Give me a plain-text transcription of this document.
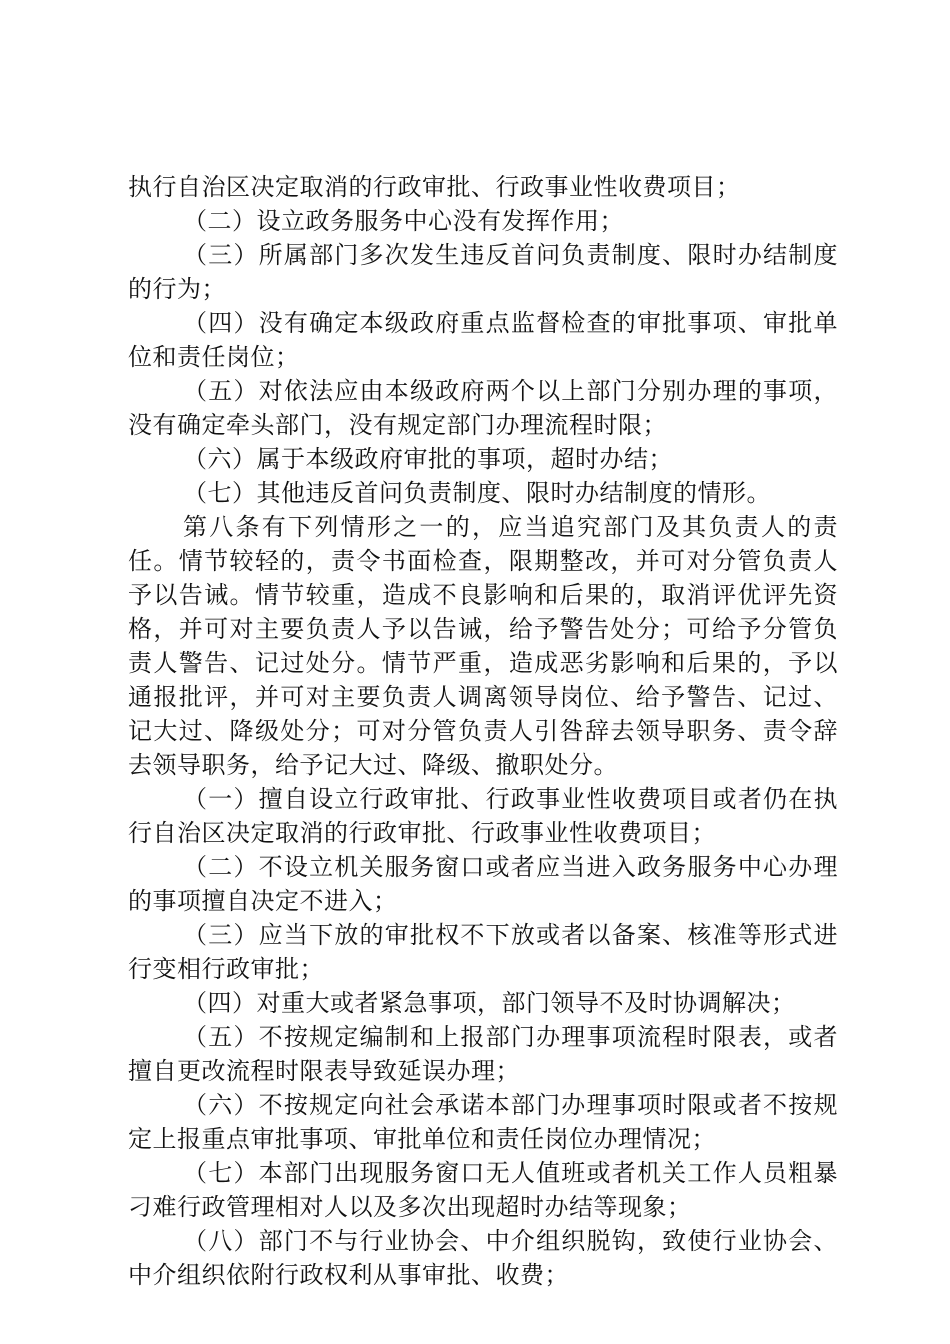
执行自治区决定取消的行政审批、行政事业性收费项目；

（二）设立政务服务中心没有发挥作用；

（三）所属部门多次发生违反首问负责制度、限时办结制度的行为；

（四）没有确定本级政府重点监督检查的审批事项、审批单位和责任岗位；

（五）对依法应由本级政府两个以上部门分别办理的事项，没有确定牵头部门，没有规定部门办理流程时限；

（六）属于本级政府审批的事项，超时办结；

（七）其他违反首问负责制度、限时办结制度的情形。

第八条有下列情形之一的，应当追究部门及其负责人的责任。情节较轻的，责令书面检查，限期整改，并可对分管负责人予以告诫。情节较重，造成不良影响和后果的，取消评优评先资格，并可对主要负责人予以告诫，给予警告处分；可给予分管负责人警告、记过处分。情节严重，造成恶劣影响和后果的，予以通报批评，并可对主要负责人调离领导岗位、给予警告、记过、记大过、降级处分；可对分管负责人引咎辞去领导职务、责令辞去领导职务，给予记大过、降级、撤职处分。

（一）擅自设立行政审批、行政事业性收费项目或者仍在执行自治区决定取消的行政审批、行政事业性收费项目；

（二）不设立机关服务窗口或者应当进入政务服务中心办理的事项擅自决定不进入；

（三）应当下放的审批权不下放或者以备案、核准等形式进行变相行政审批；

（四）对重大或者紧急事项，部门领导不及时协调解决；

（五）不按规定编制和上报部门办理事项流程时限表，或者擅自更改流程时限表导致延误办理；

（六）不按规定向社会承诺本部门办理事项时限或者不按规定上报重点审批事项、审批单位和责任岗位办理情况；

（七）本部门出现服务窗口无人值班或者机关工作人员粗暴刁难行政管理相对人以及多次出现超时办结等现象；

（八）部门不与行业协会、中介组织脱钩，致使行业协会、中介组织依附行政权利从事审批、收费；
